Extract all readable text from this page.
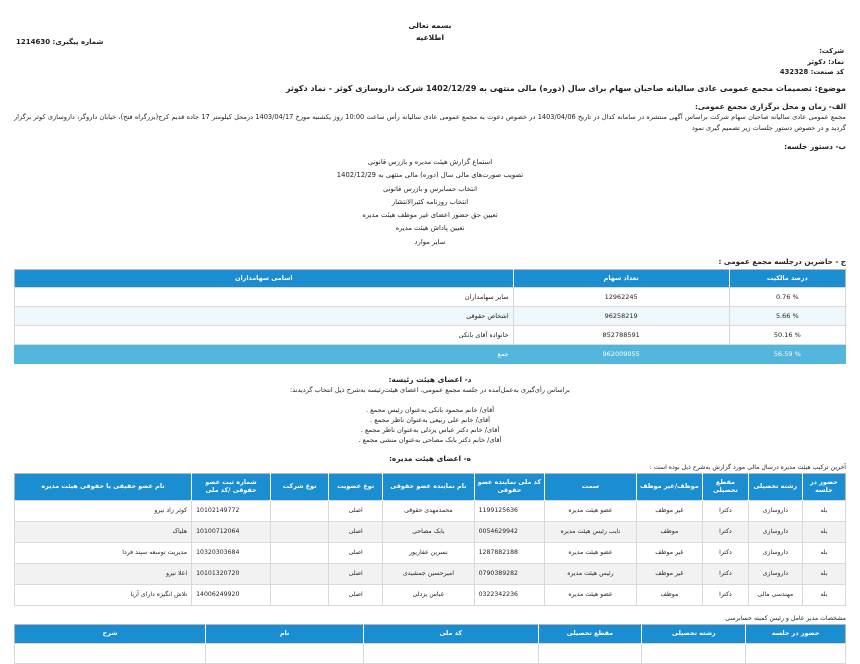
بسمه تعالی
اطلاعیه
شماره پیگیری: 1214630
شرکت:
نماد: دکوثر
کد صنعت: 432328
موضوع: تصمیمات مجمع عمومی عادی سالیانه صاحبان سهام برای سال (دوره) مالی منتهی به 1402/12/29 شرکت داروسازی کوثر - نماد دکوثر
الف- زمان و محل برگزاری مجمع عمومی:
مجمع عمومی عادی سالیانه صاحبان سهام شرکت براساس آگهی منتشره در سامانه کدال در تاریخ 1403/04/06 در خصوص دعوت به مجمع عمومی عادی سالیانه رأس ساعت 10:00 روز یکشنبه مورخ 1403/04/17 درمحل کیلومتر 17 جاده قدیم کرج(بزرگراه فتح)، خیابان داروگر، داروسازی کوثر برگزار گردید و در خصوص دستور جلسات زیر تصمیم گیری نمود
ب- دستور جلسه:
استماع گزارش هیئت مدیره و بازرس قانونی
تصویب صورت‌های مالی سال (دوره) مالی منتهی به 1402/12/29
انتخاب حسابرس و بازرس قانونی
انتخاب روزنامه کثیرالانتشار
تعیین حق حضور اعضای غیر موظف هیئت مدیره
تعیین پاداش هیئت مدیره
سایر موارد
ج - حاضرین درجلسه مجمع عمومی :
درصد مالکیت	تعداد سهام	اسامی سهامداران
% 0.76	12962245	سایر سهامداران
% 5.66	96258219	اشخاص حقوقی
% 50.16	852788591	خانواده آقای بانکی
% 56.59	962009055	جمع
د- اعضای هیئت رئیسه:
براساس رأی‌گیری به‌عمل‌آمده در جلسه مجمع عمومی، اعضای هیئت‌رئیسه به‌شرح ذیل انتخاب گردیدند:
آقای/ خانم محمود بانکی به‌عنوان رئیس مجمع .
آقای/ خانم علی ربیعی به‌عنوان ناظر مجمع .
آقای/ خانم دکتر عباس یزدلی به‌عنوان ناظر مجمع .
آقای/ خانم دکتر بابک مصاحی به‌عنوان منشی مجمع .
ه- اعضای هیئت مدیره:
آخرین ترکیب هیئت مدیره درسال مالی مورد گزارش به‌شرح ذیل بوده است :
حضور در جلسه	رشته تحصیلی	مقطع تحصیلی	موظف/غیر موظف	سمت	کد ملی نماینده عضو حقوقی	نام نماینده عضو حقوقی	نوع عضویت	نوع شرکت	شماره ثبت عضو حقوقی /کد ملی	نام عضو حقیقی یا حقوقی هیئت مدیره
بله	داروسازی	دکترا	غیر موظف	عضو هیئت مدیره	1199125636	محمدمهدی حقوقی	اصلی		10102149772	کوثر زاد نیرو
بله	داروسازی	دکترا	موظف	نایب رئیس هیئت مدیره	0054629942	بابک مصاحی	اصلی		10100712064	هلیاک
بله	داروسازی	دکترا	غیر موظف	عضو هیئت مدیره	1287882188	نسرین عفاریور	اصلی		10320303684	مدیریت توسعه سپند فردا
بله	داروسازی	دکترا	غیر موظف	رئیس هیئت مدیره	0790389282	امیرحسین جمشیدی	اصلی		10101320720	اعلا نیرو
بله	مهندسی مالی	دکترا	موظف	عضو هیئت مدیره	0322342236	عباس یزدلی	اصلی		14006249920	تلاش انگیزه دارای آریا
مشخصات مدیر عامل و رئیس کمیته حسابرسی
حضور در جلسه	رشته تحصیلی	مقطع تحصیلی	کد ملی	نام	شرح
